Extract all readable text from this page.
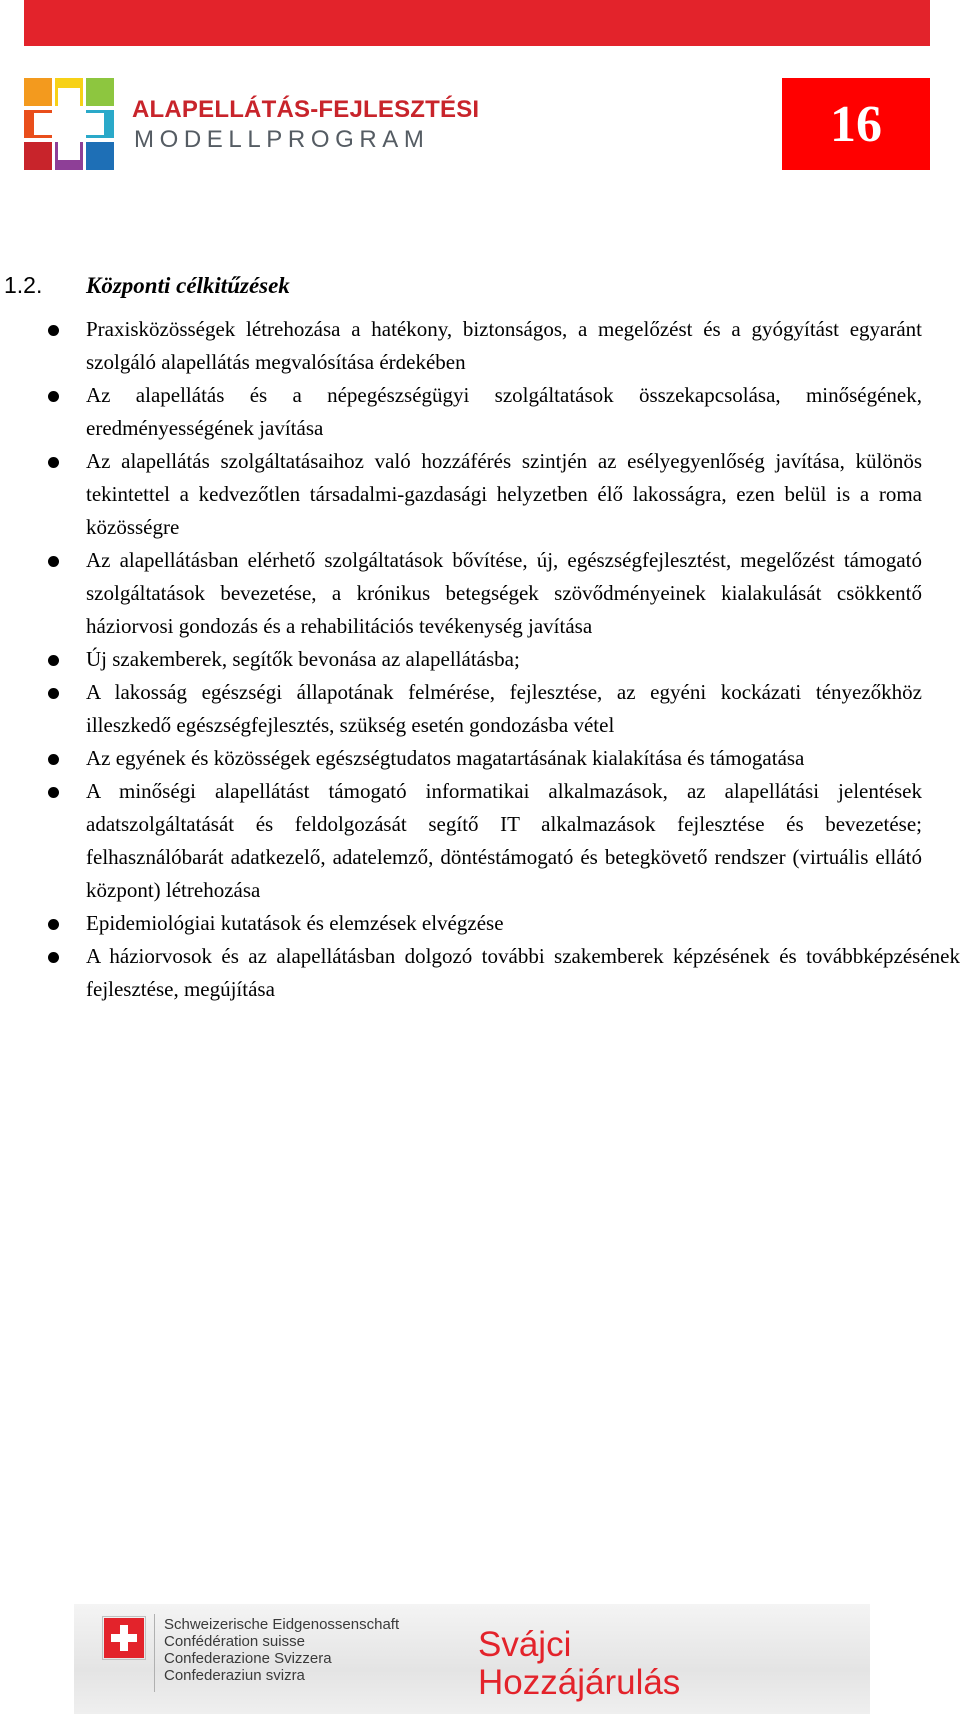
ALAPELLÁTÁS-FEJLESZTÉSI
MODELLPROGRAM	16
1.2. Központi célkitűzések
Praxisközösségek létrehozása a hatékony, biztonságos, a megelőzést és a gyógyítást egyaránt szolgáló alapellátás megvalósítása érdekében
Az alapellátás és a népegészségügyi szolgáltatások összekapcsolása, minőségének, eredményességének javítása
Az alapellátás szolgáltatásaihoz való hozzáférés szintjén az esélyegyenlőség javítása, különös tekintettel a kedvezőtlen társadalmi-gazdasági helyzetben élő lakosságra, ezen belül is a roma közösségre
Az alapellátásban elérhető szolgáltatások bővítése, új, egészségfejlesztést, megelőzést támogató szolgáltatások bevezetése, a krónikus betegségek szövődményeinek kialakulását csökkentő háziorvosi gondozás és a rehabilitációs tevékenység javítása
Új szakemberek, segítők bevonása az alapellátásba;
A lakosság egészségi állapotának felmérése, fejlesztése, az egyéni kockázati tényezőkhöz illeszkedő egészségfejlesztés, szükség esetén gondozásba vétel
Az egyének és közösségek egészségtudatos magatartásának kialakítása és támogatása
A minőségi alapellátást támogató informatikai alkalmazások, az alapellátási jelentések adatszolgáltatását és feldolgozását segítő IT alkalmazások fejlesztése és bevezetése; felhasználóbarát adatkezelő, adatelemző, döntéstámogató és betegkövető rendszer (virtuális ellátó központ) létrehozása
Epidemiológiai kutatások és elemzések elvégzése
A háziorvosok és az alapellátásban dolgozó további szakemberek képzésének és továbbképzésének fejlesztése, megújítása
Schweizerische Eidgenossenschaft
Confédération suisse
Confederazione Svizzera
Confederaziun svizra
Svájci
Hozzájárulás
